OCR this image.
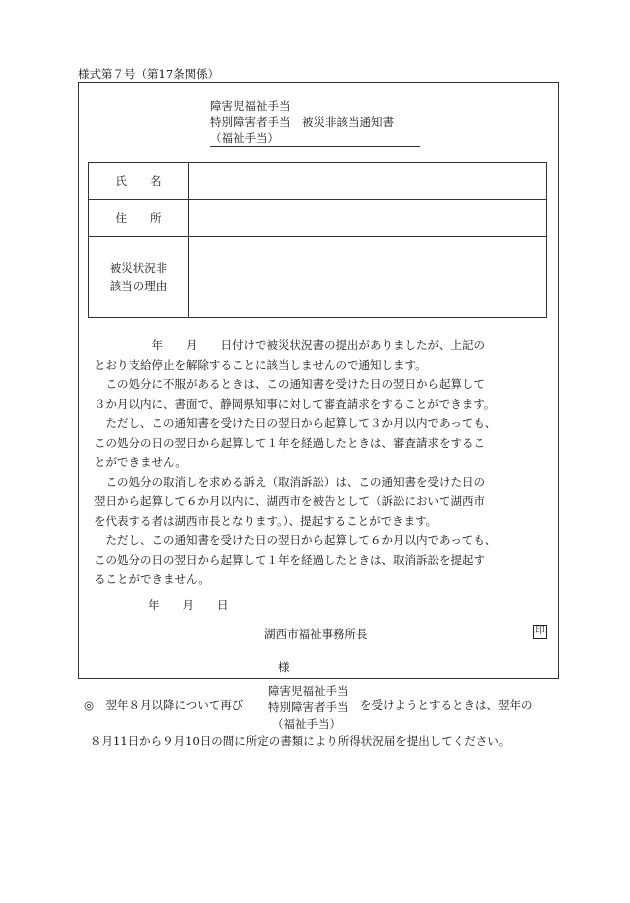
様式第７号（第17条関係）
障害児福祉手当
特別障害者手当　被災非該当通知書
（福祉手当）
氏　　名	
住　　所	

被災状況非
該当の理由	

　　　　　年　　月　　日付けで被災状況書の提出がありましたが、上記の
とおり支給停止を解除することに該当しませんので通知します。
この処分に不服があるときは、この通知書を受けた日の翌日から起算して
３か月以内に、書面で、静岡県知事に対して審査請求をすることができます。
ただし、この通知書を受けた日の翌日から起算して３か月以内であっても、
この処分の日の翌日から起算して１年を経過したときは、審査請求をするこ
とができません。
この処分の取消しを求める訴え（取消訴訟）は、この通知書を受けた日の
翌日から起算して６か月以内に、湖西市を被告として（訴訟において湖西市
を代表する者は湖西市長となります。）、提起することができます。
ただし、この通知書を受けた日の翌日から起算して６か月以内であっても、
この処分の日の翌日から起算して１年を経過したときは、取消訴訟を提起す
ることができません。
年　　月　　日
湖西市福祉事務所長	印
様
障害児福祉手当
◎　翌年８月以降について再び 特別障害者手当 を受けようとするときは、翌年の
（福祉手当）
８月11日から９月10日の間に所定の書類により所得状況届を提出してください。
